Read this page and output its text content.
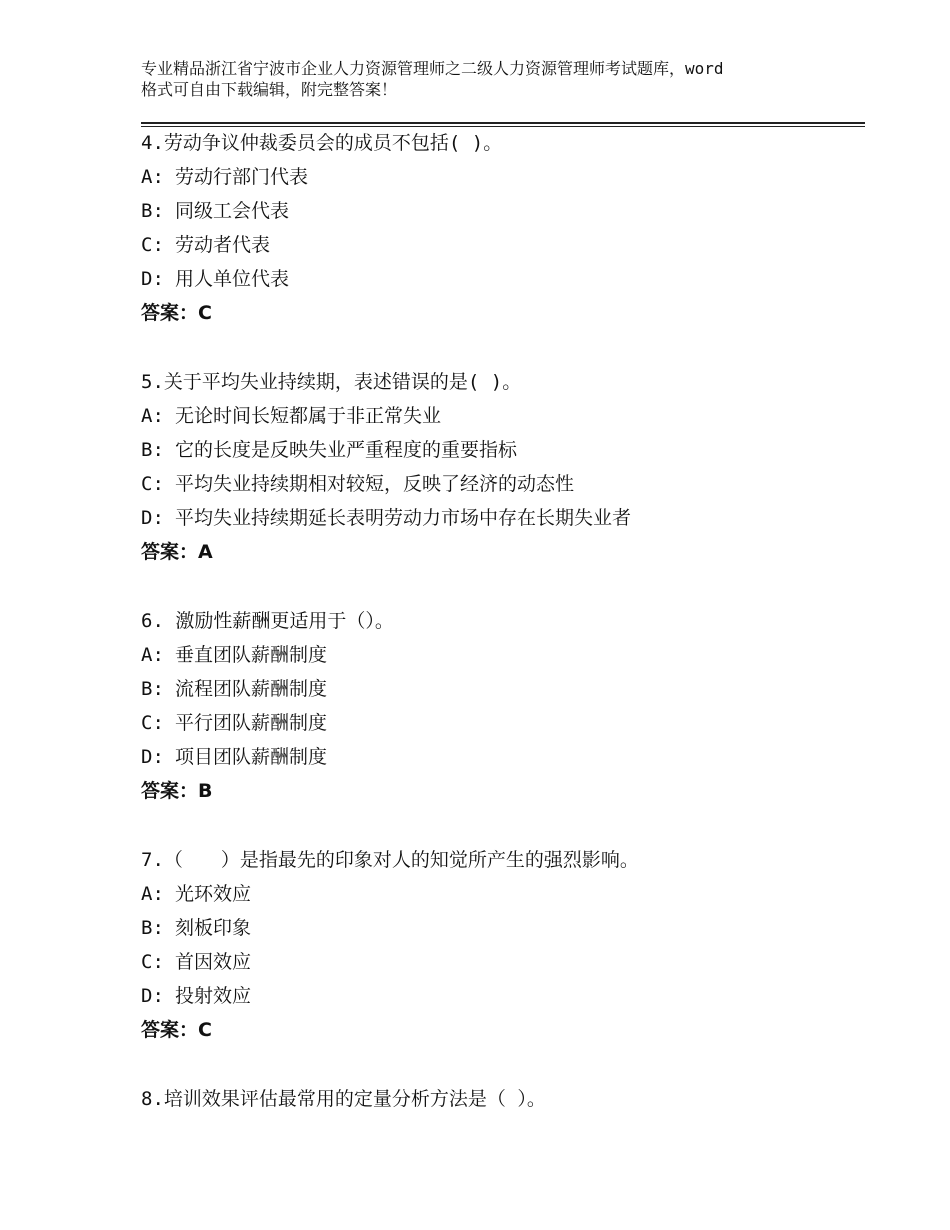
专业精品浙江省宁波市企业人力资源管理师之二级人力资源管理师考试题库，word
格式可自由下载编辑，附完整答案！
4.劳动争议仲裁委员会的成员不包括( )。
A: 劳动行部门代表
B: 同级工会代表
C: 劳动者代表
D: 用人单位代表
答案：C
5.关于平均失业持续期，表述错误的是( )。
A: 无论时间长短都属于非正常失业
B: 它的长度是反映失业严重程度的重要指标
C: 平均失业持续期相对较短，反映了经济的动态性
D: 平均失业持续期延长表明劳动力市场中存在长期失业者
答案：A
6. 激励性薪酬更适用于（）。
A: 垂直团队薪酬制度
B: 流程团队薪酬制度
C: 平行团队薪酬制度
D: 项目团队薪酬制度
答案：B
7.（　　）是指最先的印象对人的知觉所产生的强烈影响。
A: 光环效应
B: 刻板印象
C: 首因效应
D: 投射效应
答案：C
8.培训效果评估最常用的定量分析方法是（ ）。
